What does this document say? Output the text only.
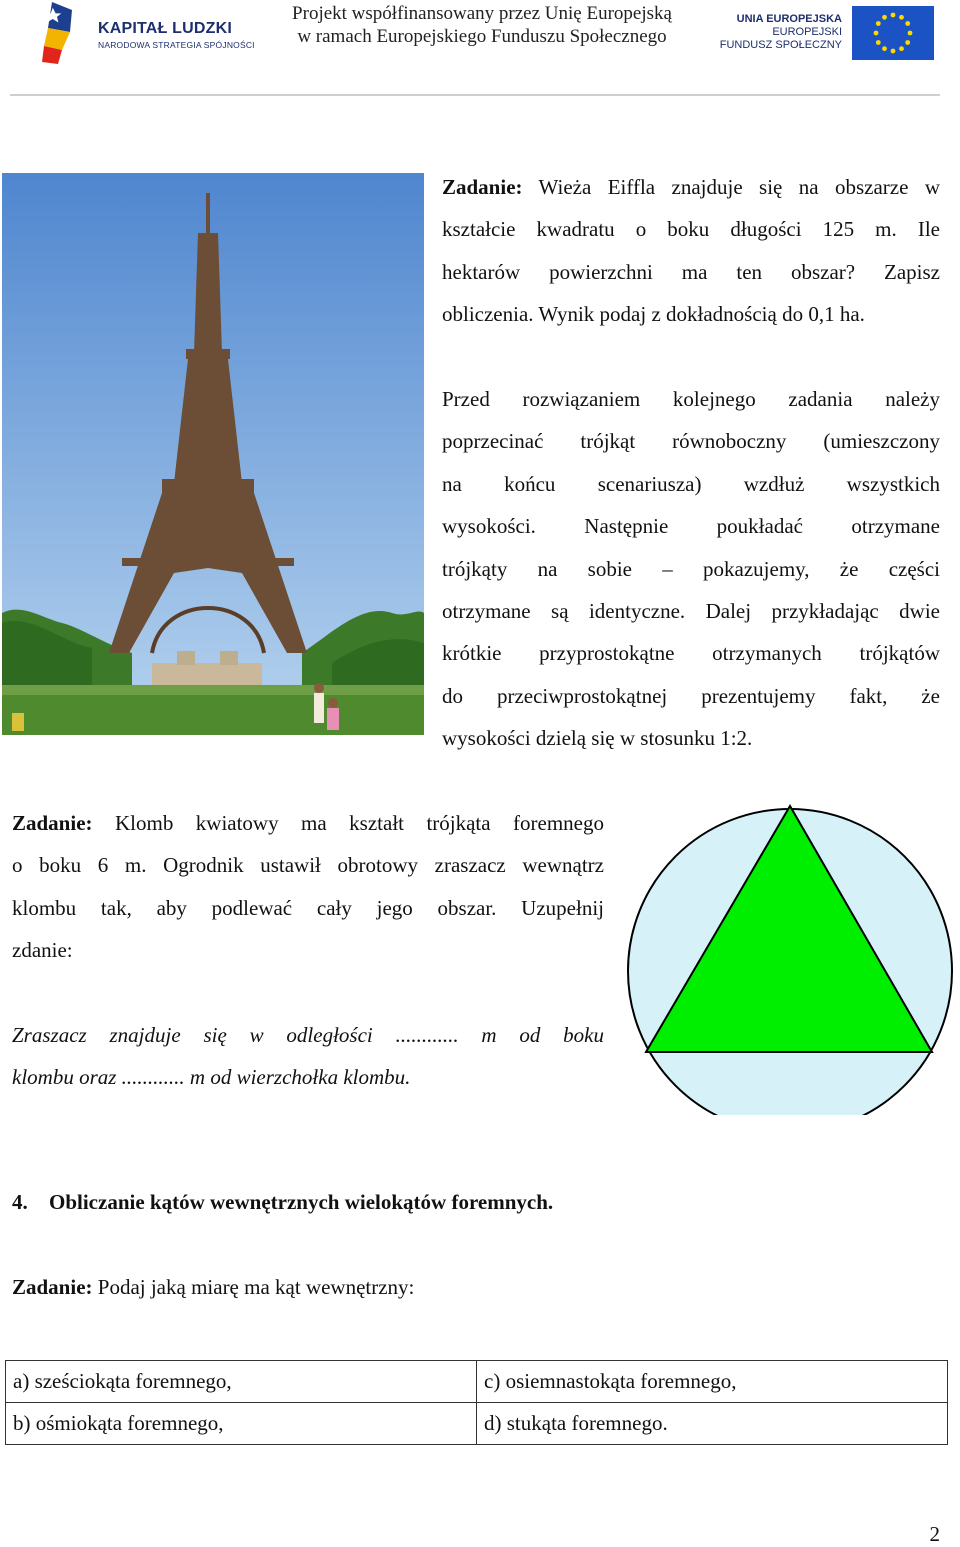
KAPITAŁ LUDZKI
NARODOWA STRATEGIA SPÓJNOŚCI
Projekt współfinansowany przez Unię Europejską
w ramach Europejskiego Funduszu Społecznego
UNIA EUROPEJSKA
EUROPEJSKI
FUNDUSZ SPOŁECZNY
Zadanie: Wieża Eiffla znajduje się na obszarze w
kształcie kwadratu o boku długości 125 m. Ile
hektarów powierzchni ma ten obszar? Zapisz
obliczenia. Wynik podaj z dokładnością do 0,1 ha.
Przed rozwiązaniem kolejnego zadania należy
poprzecinać trójkąt równoboczny (umieszczony
na końcu scenariusza) wzdłuż wszystkich
wysokości. Następnie poukładać otrzymane
trójkąty na sobie – pokazujemy, że części
otrzymane są identyczne. Dalej przykładając dwie
krótkie przyprostokątne otrzymanych trójkątów
do przeciwprostokątnej prezentujemy fakt, że
wysokości dzielą się w stosunku 1:2.
Zadanie: Klomb kwiatowy ma kształt trójkąta foremnego
o boku 6 m. Ogrodnik ustawił obrotowy zraszacz wewnątrz
klombu tak, aby podlewać cały jego obszar. Uzupełnij
zdanie:
Zraszacz znajduje się w odległości ............ m od boku
klombu oraz ............ m od wierzchołka klombu.
4. Obliczanie kątów wewnętrznych wielokątów foremnych.
Zadanie: Podaj jaką miarę ma kąt wewnętrzny:
a) sześciokąta foremnego,	c) osiemnastokąta foremnego,
b) ośmiokąta foremnego,	d) stukąta foremnego.
2
